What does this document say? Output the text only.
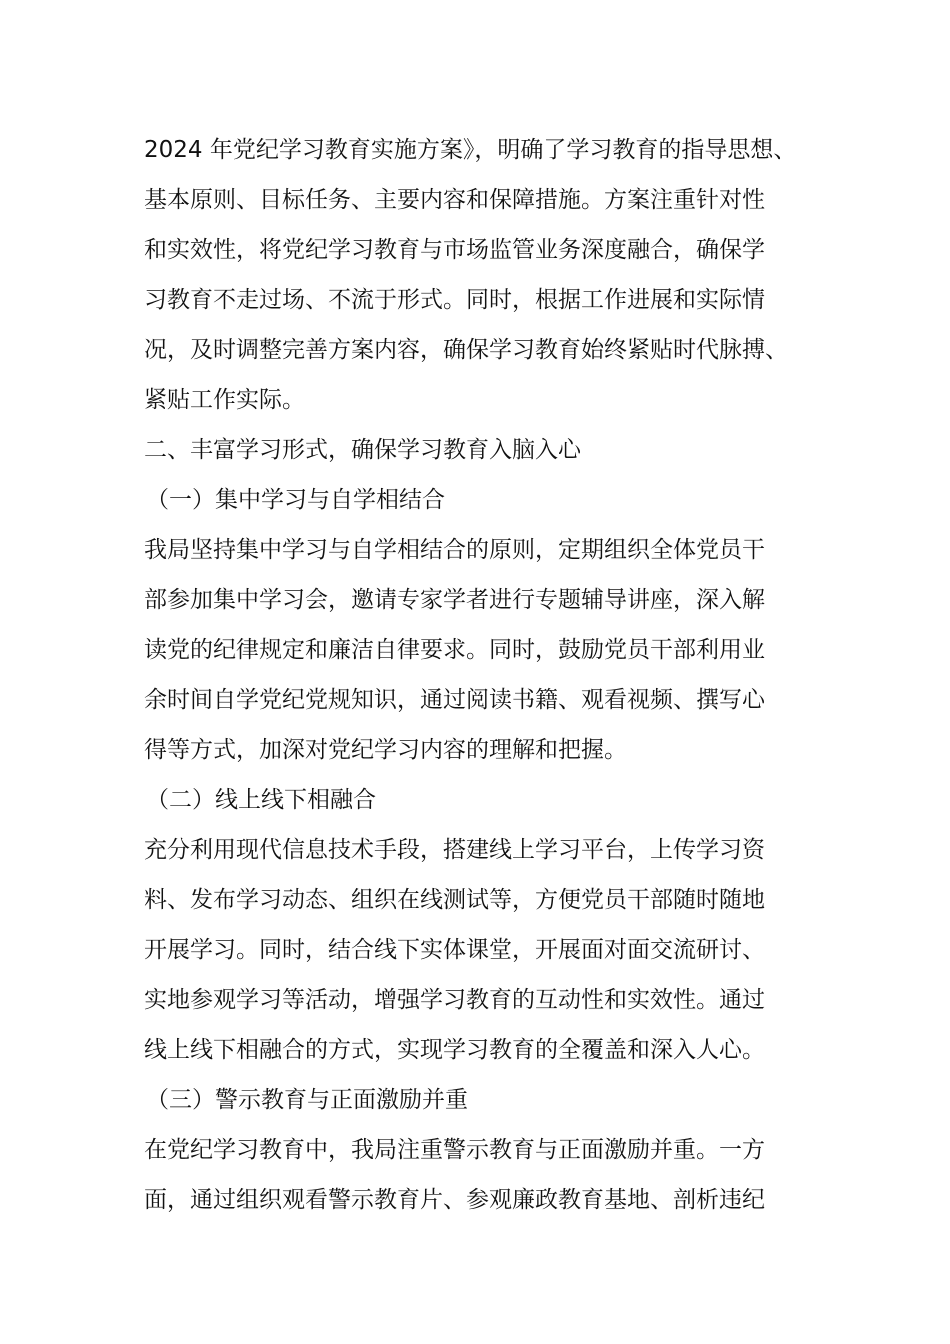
2024 年党纪学习教育实施方案》，明确了学习教育的指导思想、
基本原则、目标任务、主要内容和保障措施。方案注重针对性
和实效性，将党纪学习教育与市场监管业务深度融合，确保学
习教育不走过场、不流于形式。同时，根据工作进展和实际情
况，及时调整完善方案内容，确保学习教育始终紧贴时代脉搏、
紧贴工作实际。
二、丰富学习形式，确保学习教育入脑入心
（一）集中学习与自学相结合
我局坚持集中学习与自学相结合的原则，定期组织全体党员干
部参加集中学习会，邀请专家学者进行专题辅导讲座，深入解
读党的纪律规定和廉洁自律要求。同时，鼓励党员干部利用业
余时间自学党纪党规知识，通过阅读书籍、观看视频、撰写心
得等方式，加深对党纪学习内容的理解和把握。
（二）线上线下相融合
充分利用现代信息技术手段，搭建线上学习平台，上传学习资
料、发布学习动态、组织在线测试等，方便党员干部随时随地
开展学习。同时，结合线下实体课堂，开展面对面交流研讨、
实地参观学习等活动，增强学习教育的互动性和实效性。通过
线上线下相融合的方式，实现学习教育的全覆盖和深入人心。
（三）警示教育与正面激励并重
在党纪学习教育中，我局注重警示教育与正面激励并重。一方
面，通过组织观看警示教育片、参观廉政教育基地、剖析违纪
